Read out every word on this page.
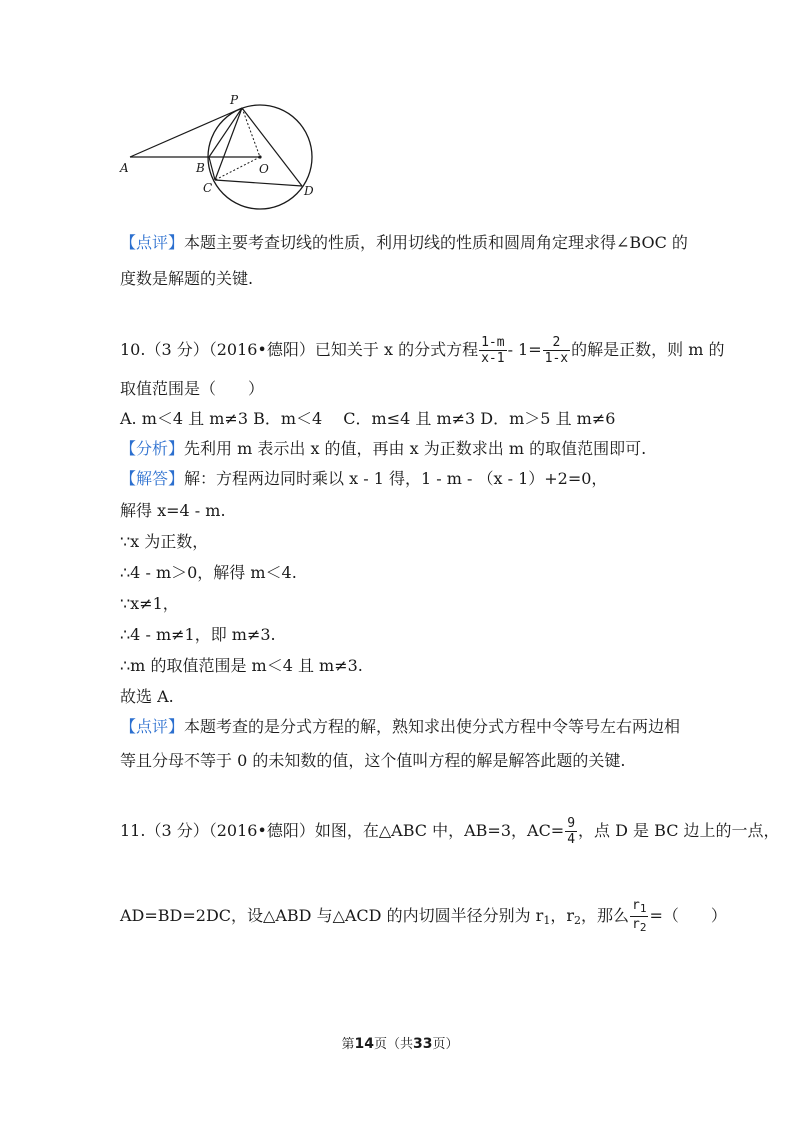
P
A	B
C
O
D
【点评】本题主要考查切线的性质，利用切线的性质和圆周角定理求得∠BOC 的
度数是解题的关键.
10.（3 分）（2016•德阳）已知关于 x 的分式方程 $\frac{1-m}{x-1} - 1= \frac{2}{1-x}$ 的解是正数，则 m 的
取值范围是（　　）
A. m＜4 且 m≠3 B．m＜4　 C．m≤4 且 m≠3 D．m＞5 且 m≠6
【分析】先利用 m 表示出 x 的值，再由 x 为正数求出 m 的取值范围即可.
【解答】解：方程两边同时乘以 x - 1 得，1 - m - （x - 1）+2=0，
解得 x=4 - m.
∵x 为正数，
∴4 - m＞0，解得 m＜4.
∵x≠1，
∴4 - m≠1，即 m≠3.
∴m 的取值范围是 m＜4 且 m≠3.
故选 A.
【点评】本题考查的是分式方程的解，熟知求出使分式方程中令等号左右两边相
等且分母不等于 0 的未知数的值，这个值叫方程的解是解答此题的关键.
11.（3 分）（2016•德阳）如图，在△ABC 中，AB=3，$AC= \frac{9}{4}$ ，点 D 是 BC 边上的一点，
AD=BD=2DC，设△ABD 与△ACD 的内切圆半径分别为 $r_1$，$r_2$，那么 $\frac{r_1}{r_2}$ =（　　）
第14页（共33页）
